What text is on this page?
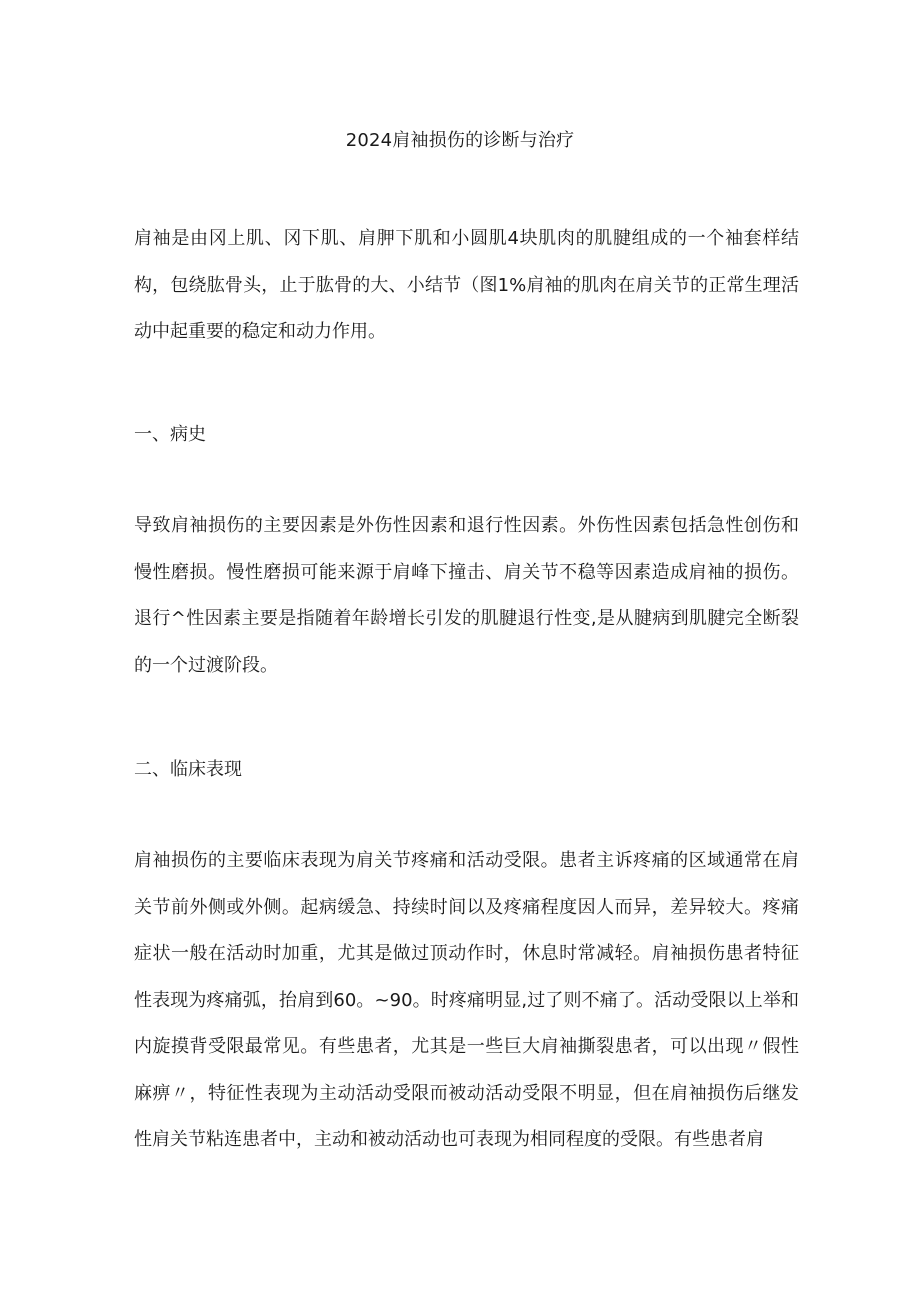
2024肩袖损伤的诊断与治疗

肩袖是由冈上肌、冈下肌、肩胛下肌和小圆肌4块肌肉的肌腱组成的一个袖套样结构，包绕肱骨头，止于肱骨的大、小结节（图1%肩袖的肌肉在肩关节的正常生理活动中起重要的稳定和动力作用。

一、病史

导致肩袖损伤的主要因素是外伤性因素和退行性因素。外伤性因素包括急性创伤和慢性磨损。慢性磨损可能来源于肩峰下撞击、肩关节不稳等因素造成肩袖的损伤。退行^性因素主要是指随着年龄增长引发的肌腱退行性变,是从腱病到肌腱完全断裂的一个过渡阶段。

二、临床表现

肩袖损伤的主要临床表现为肩关节疼痛和活动受限。患者主诉疼痛的区域通常在肩关节前外侧或外侧。起病缓急、持续时间以及疼痛程度因人而异，差异较大。疼痛症状一般在活动时加重，尤其是做过顶动作时，休息时常减轻。肩袖损伤患者特征性表现为疼痛弧，抬肩到60。~90。时疼痛明显,过了则不痛了。活动受限以上举和内旋摸背受限最常见。有些患者，尤其是一些巨大肩袖撕裂患者，可以出现〃假性麻痹〃，特征性表现为主动活动受限而被动活动受限不明显，但在肩袖损伤后继发性肩关节粘连患者中，主动和被动活动也可表现为相同程度的受限。有些患者肩
